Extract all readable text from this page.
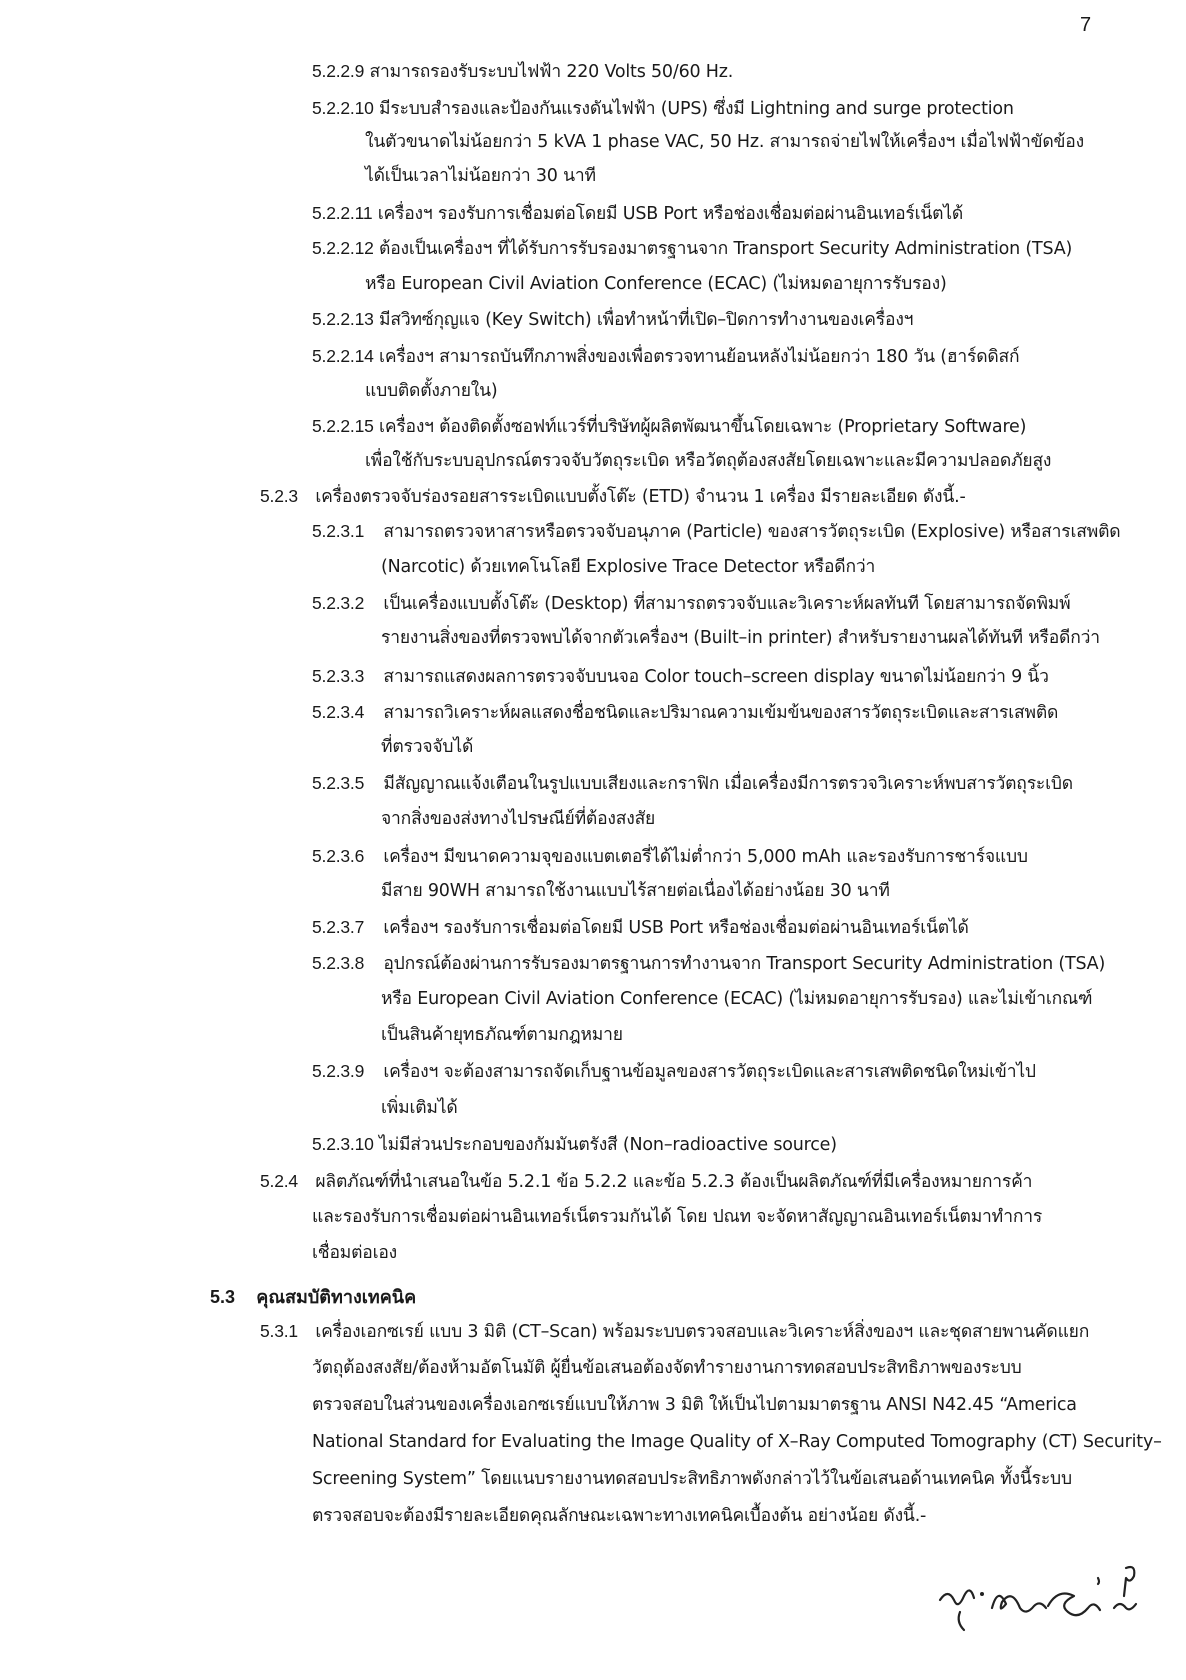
7
5.2.2.9 สามารถรองรับระบบไฟฟ้า 220 Volts 50/60 Hz.
5.2.2.10 มีระบบสำรองและป้องกันแรงดันไฟฟ้า (UPS) ซึ่งมี Lightning and surge protection
ในตัวขนาดไม่น้อยกว่า 5 kVA 1 phase VAC, 50 Hz. สามารถจ่ายไฟให้เครื่องฯ เมื่อไฟฟ้าขัดข้อง
ได้เป็นเวลาไม่น้อยกว่า 30 นาที
5.2.2.11 เครื่องฯ รองรับการเชื่อมต่อโดยมี USB Port หรือช่องเชื่อมต่อผ่านอินเทอร์เน็ตได้
5.2.2.12 ต้องเป็นเครื่องฯ ที่ได้รับการรับรองมาตรฐานจาก Transport Security Administration (TSA)
หรือ European Civil Aviation Conference (ECAC) (ไม่หมดอายุการรับรอง)
5.2.2.13 มีสวิทซ์กุญแจ (Key Switch) เพื่อทำหน้าที่เปิด–ปิดการทำงานของเครื่องฯ
5.2.2.14 เครื่องฯ สามารถบันทึกภาพสิ่งของเพื่อตรวจทานย้อนหลังไม่น้อยกว่า 180 วัน (ฮาร์ดดิสก์
แบบติดตั้งภายใน)
5.2.2.15 เครื่องฯ ต้องติดตั้งซอฟท์แวร์ที่บริษัทผู้ผลิตพัฒนาขึ้นโดยเฉพาะ (Proprietary Software)
เพื่อใช้กับระบบอุปกรณ์ตรวจจับวัตถุระเบิด หรือวัตถุต้องสงสัยโดยเฉพาะและมีความปลอดภัยสูง
5.2.3 เครื่องตรวจจับร่องรอยสารระเบิดแบบตั้งโต๊ะ (ETD) จำนวน 1 เครื่อง มีรายละเอียด ดังนี้.-
5.2.3.1 สามารถตรวจหาสารหรือตรวจจับอนุภาค (Particle) ของสารวัตถุระเบิด (Explosive) หรือสารเสพติด
(Narcotic) ด้วยเทคโนโลยี Explosive Trace Detector หรือดีกว่า
5.2.3.2 เป็นเครื่องแบบตั้งโต๊ะ (Desktop) ที่สามารถตรวจจับและวิเคราะห์ผลทันที โดยสามารถจัดพิมพ์
รายงานสิ่งของที่ตรวจพบได้จากตัวเครื่องฯ (Built–in printer) สำหรับรายงานผลได้ทันที หรือดีกว่า
5.2.3.3 สามารถแสดงผลการตรวจจับบนจอ Color touch–screen display ขนาดไม่น้อยกว่า 9 นิ้ว
5.2.3.4 สามารถวิเคราะห์ผลแสดงชื่อชนิดและปริมาณความเข้มข้นของสารวัตถุระเบิดและสารเสพติด
ที่ตรวจจับได้
5.2.3.5 มีสัญญาณแจ้งเตือนในรูปแบบเสียงและกราฟิก เมื่อเครื่องมีการตรวจวิเคราะห์พบสารวัตถุระเบิด
จากสิ่งของส่งทางไปรษณีย์ที่ต้องสงสัย
5.2.3.6 เครื่องฯ มีขนาดความจุของแบตเตอรี่ได้ไม่ต่ำกว่า 5,000 mAh และรองรับการชาร์จแบบ
มีสาย 90WH สามารถใช้งานแบบไร้สายต่อเนื่องได้อย่างน้อย 30 นาที
5.2.3.7 เครื่องฯ รองรับการเชื่อมต่อโดยมี USB Port หรือช่องเชื่อมต่อผ่านอินเทอร์เน็ตได้
5.2.3.8 อุปกรณ์ต้องผ่านการรับรองมาตรฐานการทำงานจาก Transport Security Administration (TSA)
หรือ European Civil Aviation Conference (ECAC) (ไม่หมดอายุการรับรอง) และไม่เข้าเกณฑ์
เป็นสินค้ายุทธภัณฑ์ตามกฎหมาย
5.2.3.9 เครื่องฯ จะต้องสามารถจัดเก็บฐานข้อมูลของสารวัตถุระเบิดและสารเสพติดชนิดใหม่เข้าไป
เพิ่มเติมได้
5.2.3.10 ไม่มีส่วนประกอบของกัมมันตรังสี (Non–radioactive source)
5.2.4 ผลิตภัณฑ์ที่นำเสนอในข้อ 5.2.1 ข้อ 5.2.2 และข้อ 5.2.3 ต้องเป็นผลิตภัณฑ์ที่มีเครื่องหมายการค้า
และรองรับการเชื่อมต่อผ่านอินเทอร์เน็ตรวมกันได้ โดย ปณท จะจัดหาสัญญาณอินเทอร์เน็ตมาทำการ
เชื่อมต่อเอง
5.3 คุณสมบัติทางเทคนิค
5.3.1 เครื่องเอกซเรย์ แบบ 3 มิติ (CT–Scan) พร้อมระบบตรวจสอบและวิเคราะห์สิ่งของฯ และชุดสายพานคัดแยก
วัตถุต้องสงสัย/ต้องห้ามอัตโนมัติ ผู้ยื่นข้อเสนอต้องจัดทำรายงานการทดสอบประสิทธิภาพของระบบ
ตรวจสอบในส่วนของเครื่องเอกซเรย์แบบให้ภาพ 3 มิติ ให้เป็นไปตามมาตรฐาน ANSI N42.45 “America
National Standard for Evaluating the Image Quality of X–Ray Computed Tomography (CT) Security–
Screening System” โดยแนบรายงานทดสอบประสิทธิภาพดังกล่าวไว้ในข้อเสนอด้านเทคนิค ทั้งนี้ระบบ
ตรวจสอบจะต้องมีรายละเอียดคุณลักษณะเฉพาะทางเทคนิคเบื้องต้น อย่างน้อย ดังนี้.-
